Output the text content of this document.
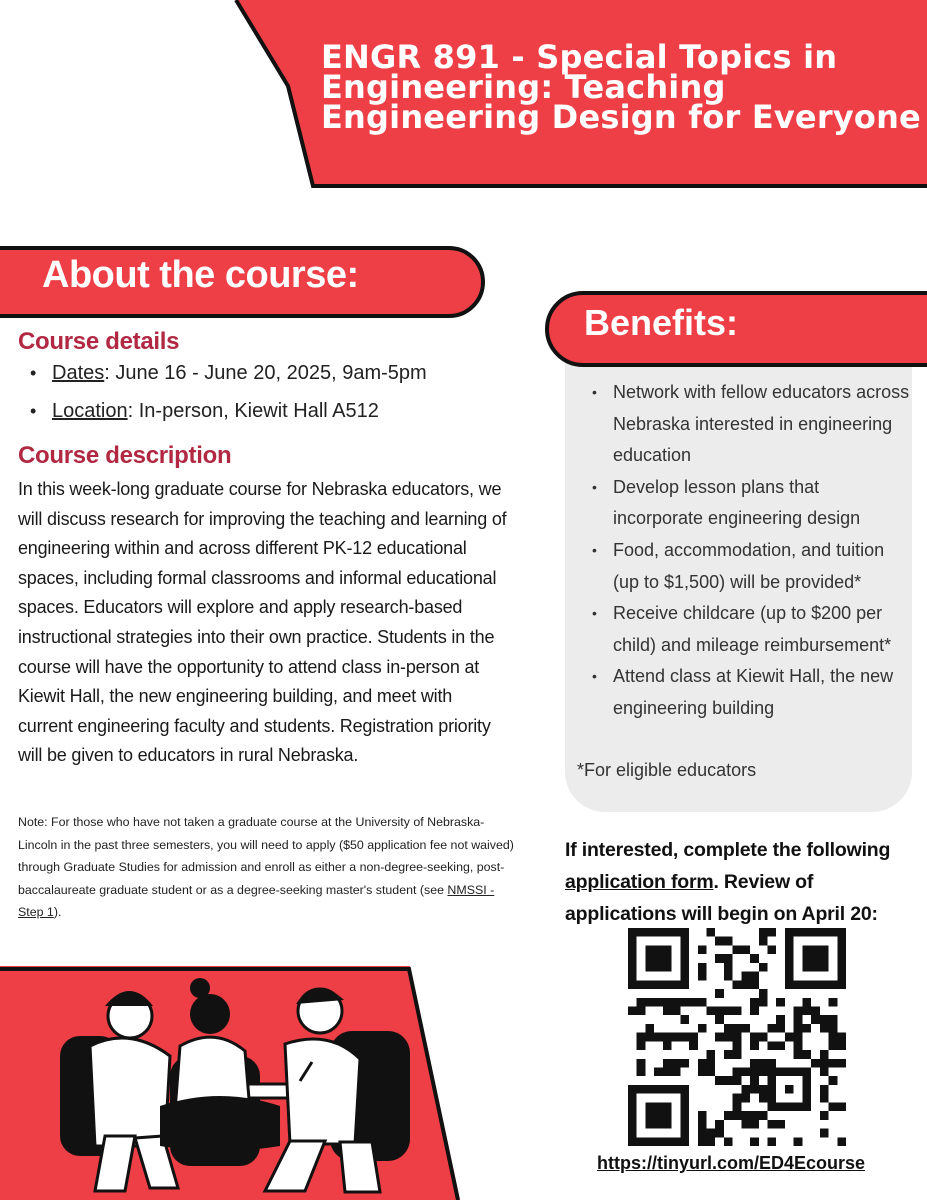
ENGR 891 - Special Topics in Engineering: Teaching Engineering Design for Everyone
About the course:
Course details
• Dates: June 16 - June 20, 2025, 9am-5pm
• Location: In-person, Kiewit Hall A512
Course description

In this week-long graduate course for Nebraska educators, we will discuss research for improving the teaching and learning of engineering within and across different PK-12 educational spaces, including formal classrooms and informal educational spaces. Educators will explore and apply research-based instructional strategies into their own practice. Students in the course will have the opportunity to attend class in-person at Kiewit Hall, the new engineering building, and meet with current engineering faculty and students. Registration priority will be given to educators in rural Nebraska.

Note: For those who have not taken a graduate course at the University of Nebraska-Lincoln in the past three semesters, you will need to apply ($50 application fee not waived) through Graduate Studies for admission and enroll as either a non-degree-seeking, post-baccalaureate graduate student or as a degree-seeking master's student (see NMSSI - Step 1).

Benefits:
• Network with fellow educators across Nebraska interested in engineering education
• Develop lesson plans that incorporate engineering design
• Food, accommodation, and tuition (up to $1,500) will be provided*
• Receive childcare (up to $200 per child) and mileage reimbursement*
• Attend class at Kiewit Hall, the new engineering building

*For eligible educators

If interested, complete the following application form. Review of applications will begin on April 20:

https://tinyurl.com/ED4Ecourse
